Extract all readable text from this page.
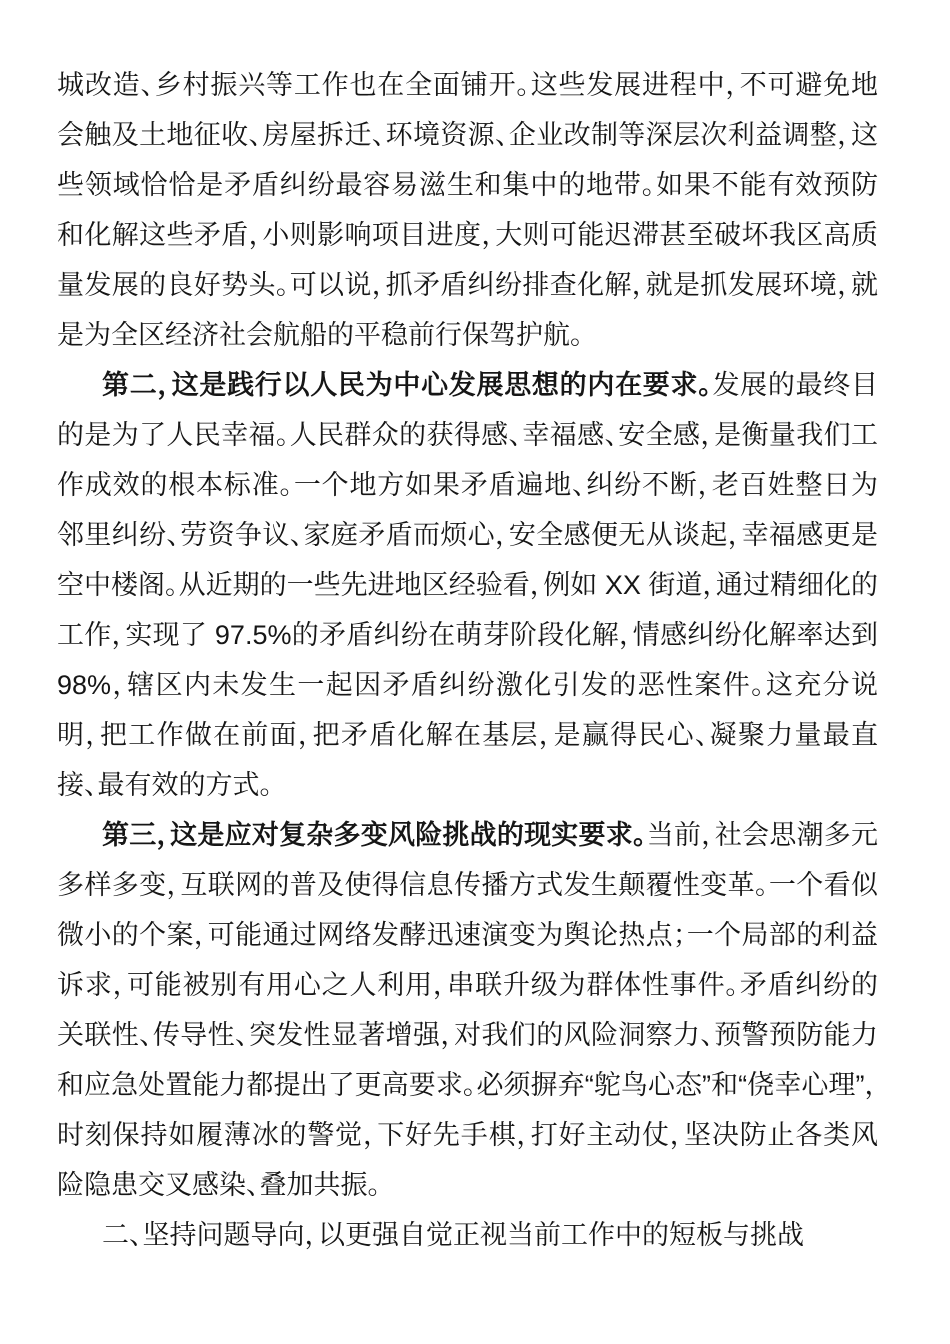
城改造、乡村振兴等工作也在全面铺开。这些发展进程中，不可避免地会触及土地征收、房屋拆迁、环境资源、企业改制等深层次利益调整，这些领域恰恰是矛盾纠纷最容易滋生和集中的地带。如果不能有效预防和化解这些矛盾，小则影响项目进度，大则可能迟滞甚至破坏我区高质量发展的良好势头。可以说，抓矛盾纠纷排查化解，就是抓发展环境，就是为全区经济社会航船的平稳前行保驾护航。

第二，这是践行以人民为中心发展思想的内在要求。发展的最终目的是为了人民幸福。人民群众的获得感、幸福感、安全感，是衡量我们工作成效的根本标准。一个地方如果矛盾遍地、纠纷不断，老百姓整日为邻里纠纷、劳资争议、家庭矛盾而烦心，安全感便无从谈起，幸福感更是空中楼阁。从近期的一些先进地区经验看，例如 XX 街道，通过精细化的工作，实现了 97.5%的矛盾纠纷在萌芽阶段化解，情感纠纷化解率达到 98%，辖区内未发生一起因矛盾纠纷激化引发的恶性案件。这充分说明，把工作做在前面，把矛盾化解在基层，是赢得民心、凝聚力量最直接、最有效的方式。

第三，这是应对复杂多变风险挑战的现实要求。当前，社会思潮多元多样多变，互联网的普及使得信息传播方式发生颠覆性变革。一个看似微小的个案，可能通过网络发酵迅速演变为舆论热点；一个局部的利益诉求，可能被别有用心之人利用，串联升级为群体性事件。矛盾纠纷的关联性、传导性、突发性显著增强，对我们的风险洞察力、预警预防能力和应急处置能力都提出了更高要求。必须摒弃“鸵鸟心态”和“侥幸心理”，时刻保持如履薄冰的警觉，下好先手棋，打好主动仗，坚决防止各类风险隐患交叉感染、叠加共振。

二、坚持问题导向，以更强自觉正视当前工作中的短板与挑战
